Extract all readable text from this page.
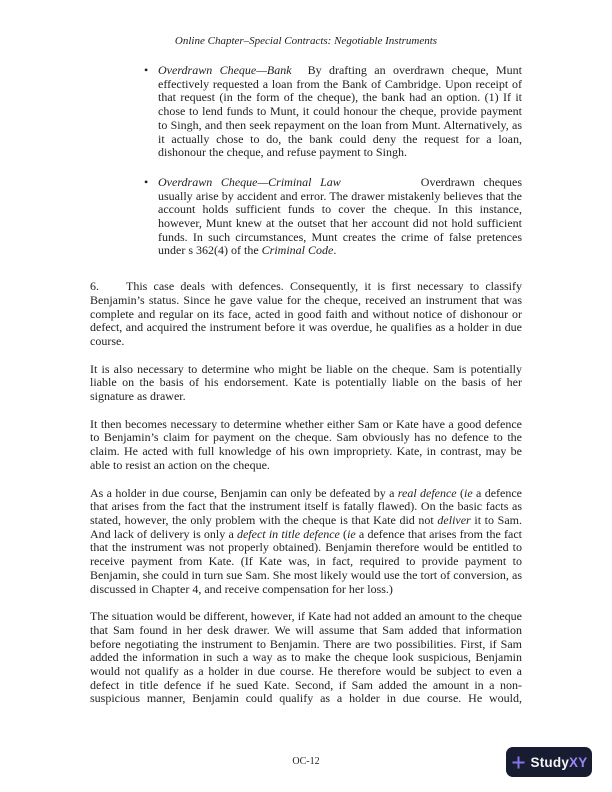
Online Chapter–Special Contracts: Negotiable Instruments
• Overdrawn Cheque—Bank By drafting an overdrawn cheque, Munt effectively requested a loan from the Bank of Cambridge. Upon receipt of that request (in the form of the cheque), the bank had an option. (1) If it chose to lend funds to Munt, it could honour the cheque, provide payment to Singh, and then seek repayment on the loan from Munt. Alternatively, as it actually chose to do, the bank could deny the request for a loan, dishonour the cheque, and refuse payment to Singh.
• Overdrawn Cheque—Criminal Law	Overdrawn cheques usually arise by accident and error. The drawer mistakenly believes that the account holds sufficient funds to cover the cheque. In this instance, however, Munt knew at the outset that her account did not hold sufficient funds. In such circumstances, Munt creates the crime of false pretences under s 362(4) of the Criminal Code.
6. This case deals with defences. Consequently, it is first necessary to classify Benjamin’s status. Since he gave value for the cheque, received an instrument that was complete and regular on its face, acted in good faith and without notice of dishonour or defect, and acquired the instrument before it was overdue, he qualifies as a holder in due course.
It is also necessary to determine who might be liable on the cheque. Sam is potentially liable on the basis of his endorsement. Kate is potentially liable on the basis of her signature as drawer.
It then becomes necessary to determine whether either Sam or Kate have a good defence to Benjamin’s claim for payment on the cheque. Sam obviously has no defence to the claim. He acted with full knowledge of his own impropriety. Kate, in contrast, may be able to resist an action on the cheque.
As a holder in due course, Benjamin can only be defeated by a real defence (ie a defence that arises from the fact that the instrument itself is fatally flawed). On the basic facts as stated, however, the only problem with the cheque is that Kate did not deliver it to Sam. And lack of delivery is only a defect in title defence (ie a defence that arises from the fact that the instrument was not properly obtained). Benjamin therefore would be entitled to receive payment from Kate. (If Kate was, in fact, required to provide payment to Benjamin, she could in turn sue Sam. She most likely would use the tort of conversion, as discussed in Chapter 4, and receive compensation for her loss.)
The situation would be different, however, if Kate had not added an amount to the cheque that Sam found in her desk drawer. We will assume that Sam added that information before negotiating the instrument to Benjamin. There are two possibilities. First, if Sam added the information in such a way as to make the cheque look suspicious, Benjamin would not qualify as a holder in due course. He therefore would be subject to even a defect in title defence if he sued Kate. Second, if Sam added the amount in a non-suspicious manner, Benjamin could qualify as a holder in due course. He would,
OC-12	Study XY
